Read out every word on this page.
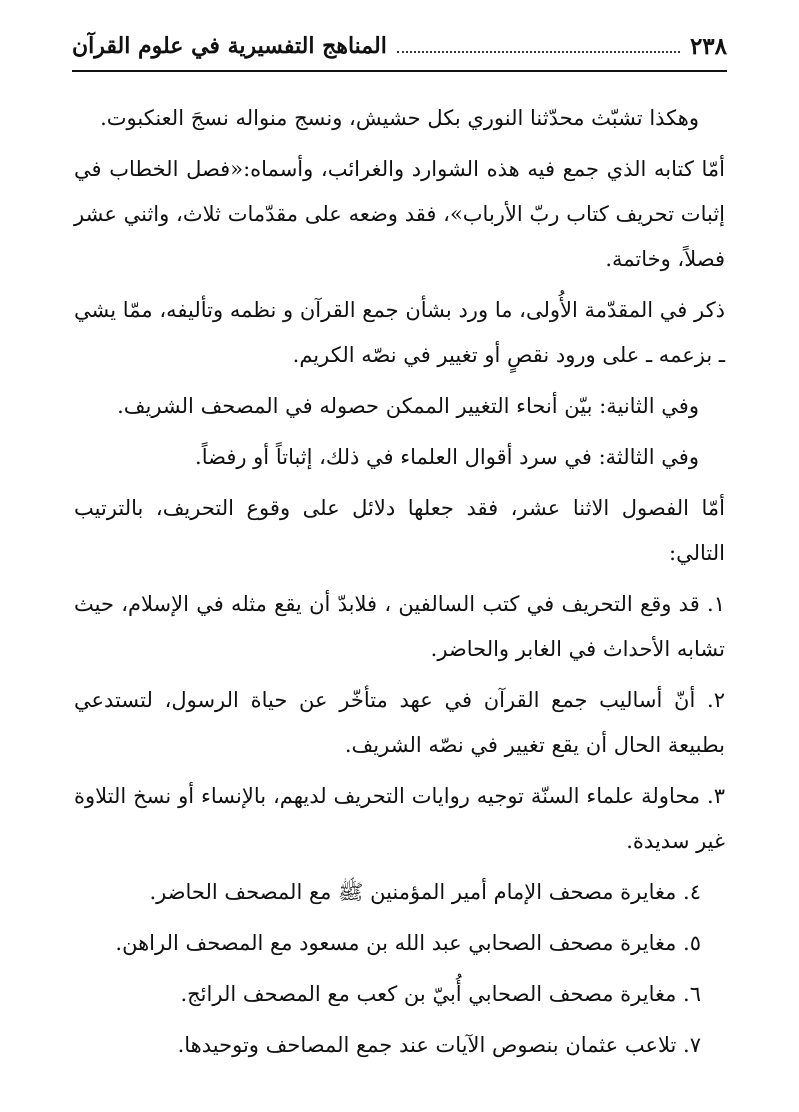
٢٣٨
المناهج التفسيرية في علوم القرآن

وهكذا تشبّث محدّثنا النوري بكل حشيش، ونسج منواله نسجَ العنكبوت.

أمّا كتابه الذي جمع فيه هذه الشوارد والغرائب، وأسماه:«فصل الخطاب في إثبات تحريف كتاب ربّ الأرباب»، فقد وضعه على مقدّمات ثلاث، واثني عشر فصلاً، وخاتمة.

ذكر في المقدّمة الأُولى، ما ورد بشأن جمع القرآن و نظمه وتأليفه، ممّا يشي ـ بزعمه ـ على ورود نقصٍ أو تغيير في نصّه الكريم.

وفي الثانية: بيّن أنحاء التغيير الممكن حصوله في المصحف الشريف.

وفي الثالثة: في سرد أقوال العلماء في ذلك، إثباتاً أو رفضاً.

أمّا الفصول الاثنا عشر، فقد جعلها دلائل على وقوع التحريف، بالترتيب التالي:

١. قد وقع التحريف في كتب السالفين ، فلابدّ أن يقع مثله في الإسلام، حيث تشابه الأحداث في الغابر والحاضر.

٢. أنّ أساليب جمع القرآن في عهد متأخّر عن حياة الرسول، لتستدعي بطبيعة الحال أن يقع تغيير في نصّه الشريف.

٣. محاولة علماء السنّة توجيه روايات التحريف لديهم، بالإنساء أو نسخ التلاوة غير سديدة.

٤. مغايرة مصحف الإمام أمير المؤمنين ﷺ مع المصحف الحاضر.

٥. مغايرة مصحف الصحابي عبد الله بن مسعود مع المصحف الراهن.

٦. مغايرة مصحف الصحابي أُبيّ بن كعب مع المصحف الرائج.

٧. تلاعب عثمان بنصوص الآيات عند جمع المصاحف وتوحيدها.
